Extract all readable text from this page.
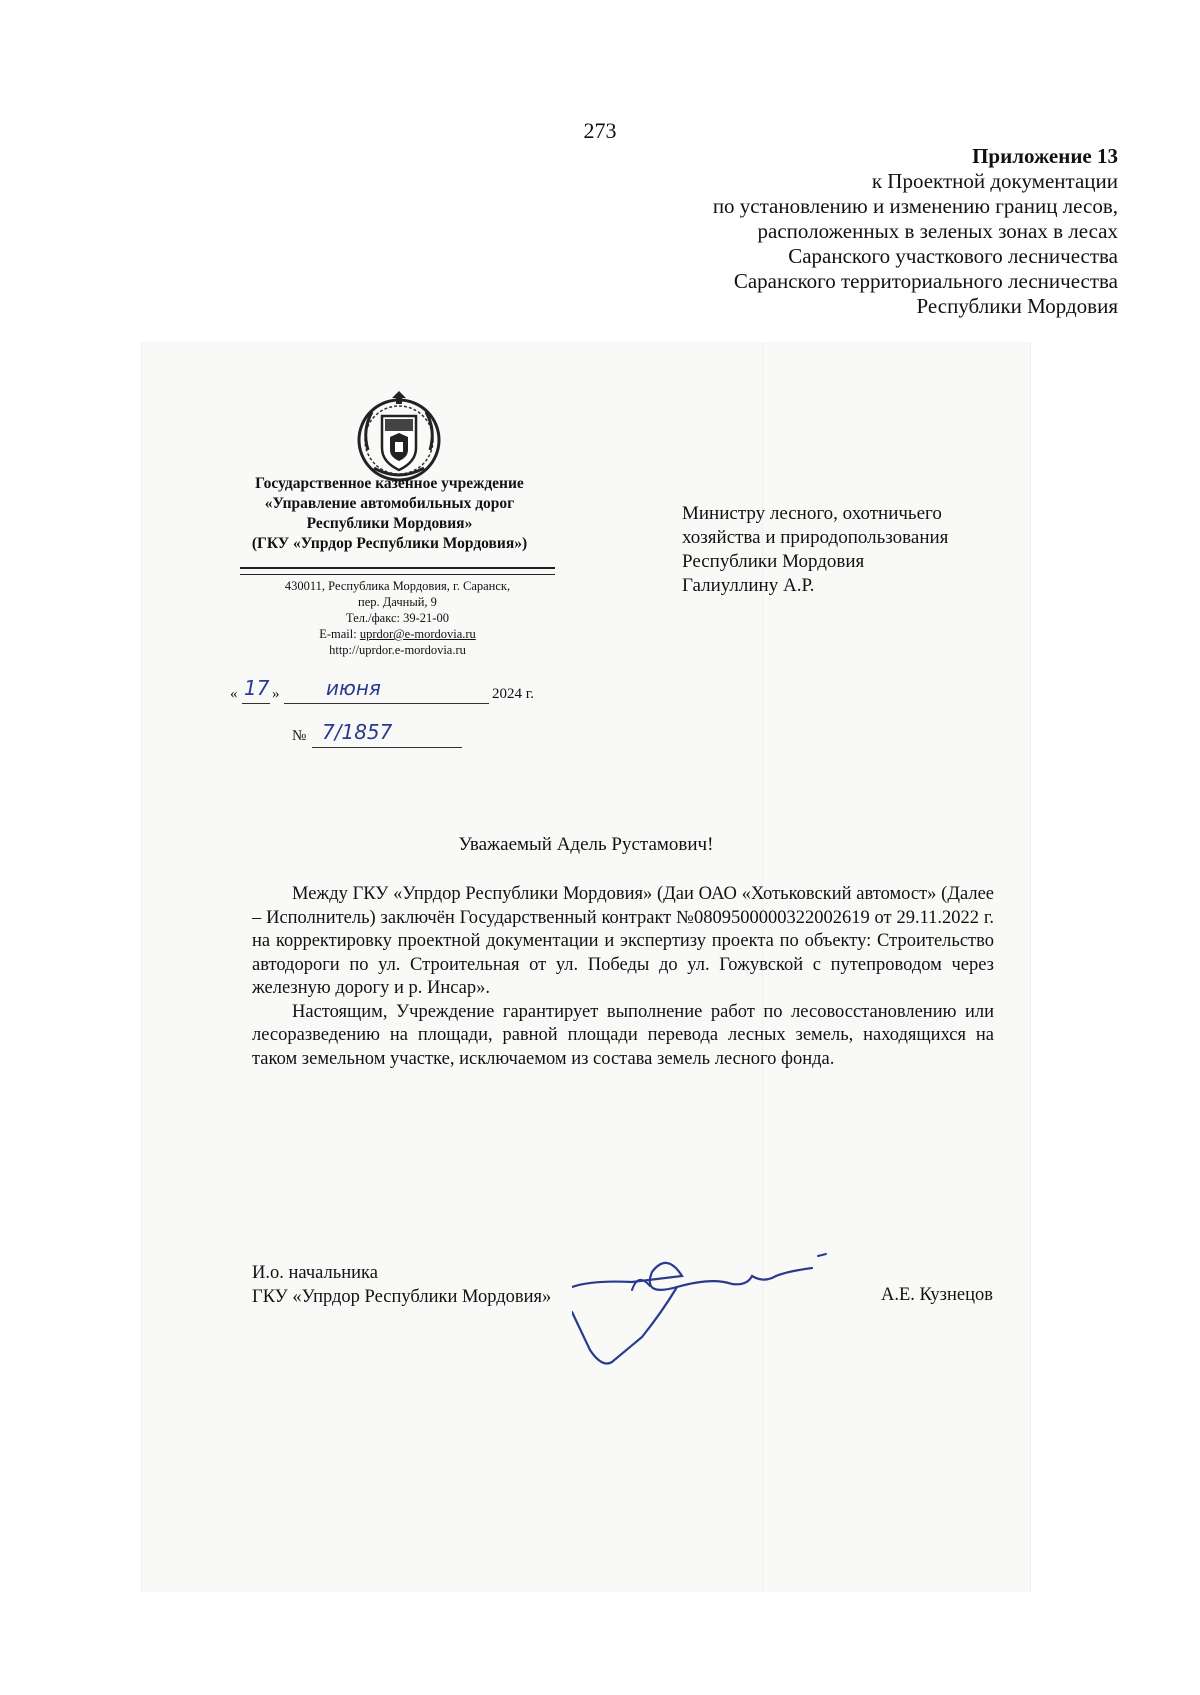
273
Приложение 13
к Проектной документации
по установлению и изменению границ лесов,
расположенных в зеленых зонах в лесах
Саранского участкового лесничества
Саранского территориального лесничества
Республики Мордовия
Государственное казенное учреждение
«Управление автомобильных дорог
Республики Мордовия»
(ГКУ «Упрдор Республики Мордовия»)
430011, Республика Мордовия, г. Саранск,
пер. Дачный, 9
Тел./факс: 39-21-00
E-mail: uprdor@e-mordovia.ru
http://uprdor.e-mordovia.ru
« 17 » июня	2024 г.
№ 7/1857
Министру лесного, охотничьего
хозяйства и природопользования
Республики Мордовия
Галиуллину А.Р.
Уважаемый Адель Рустамович!

Между ГКУ «Упрдор Республики Мордовия» (Даи ОАО «Хотьковский автомост» (Далее – Исполнитель) заключён Государственный контракт №0809500000322002619 от 29.11.2022 г. на корректировку проектной документации и экспертизу проекта по объекту: Строительство автодороги по ул. Строительная от ул. Победы до ул. Гожувской с путепроводом через железную дорогу и р. Инсар».

Настоящим, Учреждение гарантирует выполнение работ по лесовосстановлению или лесоразведению на площади, равной площади перевода лесных земель, находящихся на таком земельном участке, исключаемом из состава земель лесного фонда.

И.о. начальника
ГКУ «Упрдор Республики Мордовия»	А.Е. Кузнецов
